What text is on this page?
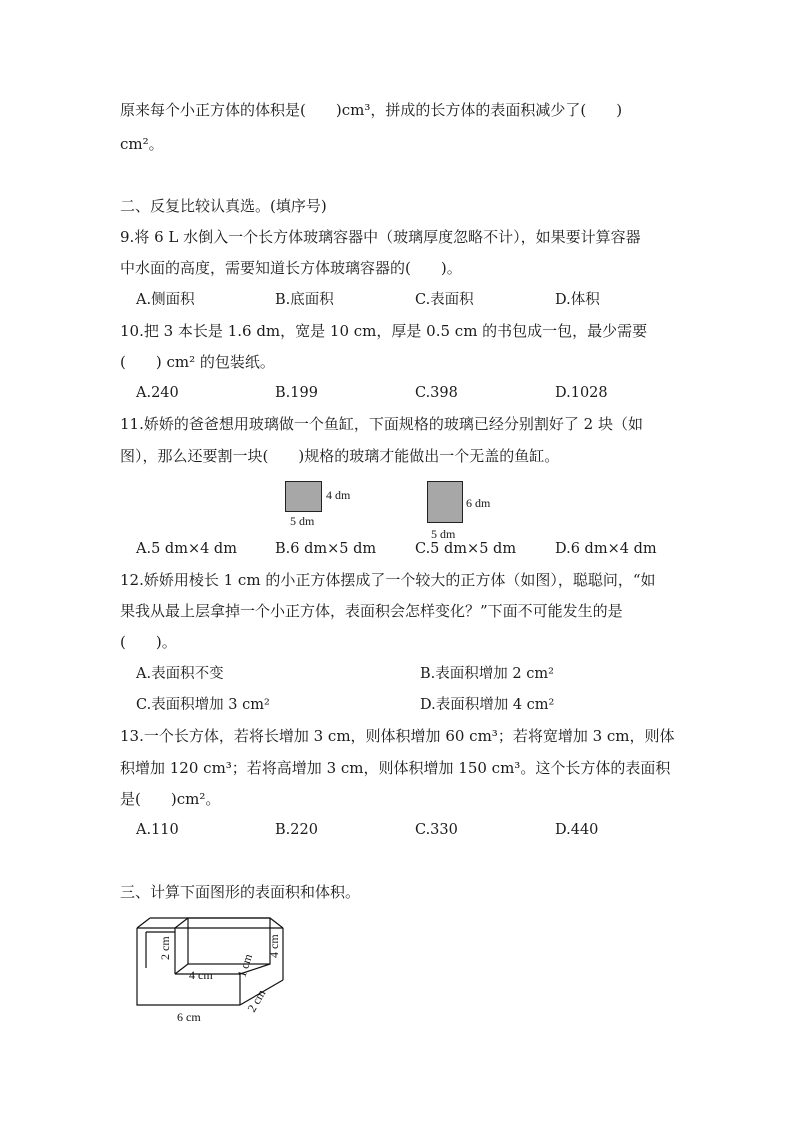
原来每个小正方体的体积是(　　)cm³，拼成的长方体的表面积减少了(　　)
cm²。
二、反复比较认真选。(填序号)
9.将 6 L 水倒入一个长方体玻璃容器中（玻璃厚度忽略不计），如果要计算容器
中水面的高度，需要知道长方体玻璃容器的(　　)。
A.侧面积	B.底面积	C.表面积	D.体积
10.把 3 本长是 1.6 dm，宽是 10 cm，厚是 0.5 cm 的书包成一包，最少需要
(　　) cm² 的包装纸。
A.240	B.199	C.398	D.1028
11.娇娇的爸爸想用玻璃做一个鱼缸，下面规格的玻璃已经分别割好了 2 块（如
图），那么还要割一块(　　)规格的玻璃才能做出一个无盖的鱼缸。
4 dm
5 dm
6 dm
5 dm
A.5 dm×4 dm	B.6 dm×5 dm	C.5 dm×5 dm	D.6 dm×4 dm
12.娇娇用棱长 1 cm 的小正方体摆成了一个较大的正方体（如图），聪聪问，“如
果我从最上层拿掉一个小正方体，表面积会怎样变化？”下面不可能发生的是
(　　)。
A.表面积不变	B.表面积增加 2 cm²
C.表面积增加 3 cm²	D.表面积增加 4 cm²
13.一个长方体，若将长增加 3 cm，则体积增加 60 cm³；若将宽增加 3 cm，则体
积增加 120 cm³；若将高增加 3 cm，则体积增加 150 cm³。这个长方体的表面积
是(　　)cm²。
A.110	B.220	C.330	D.440
三、计算下面图形的表面积和体积。
2 cm
4 cm 1 cm
4 cm
2 cm
6 cm
